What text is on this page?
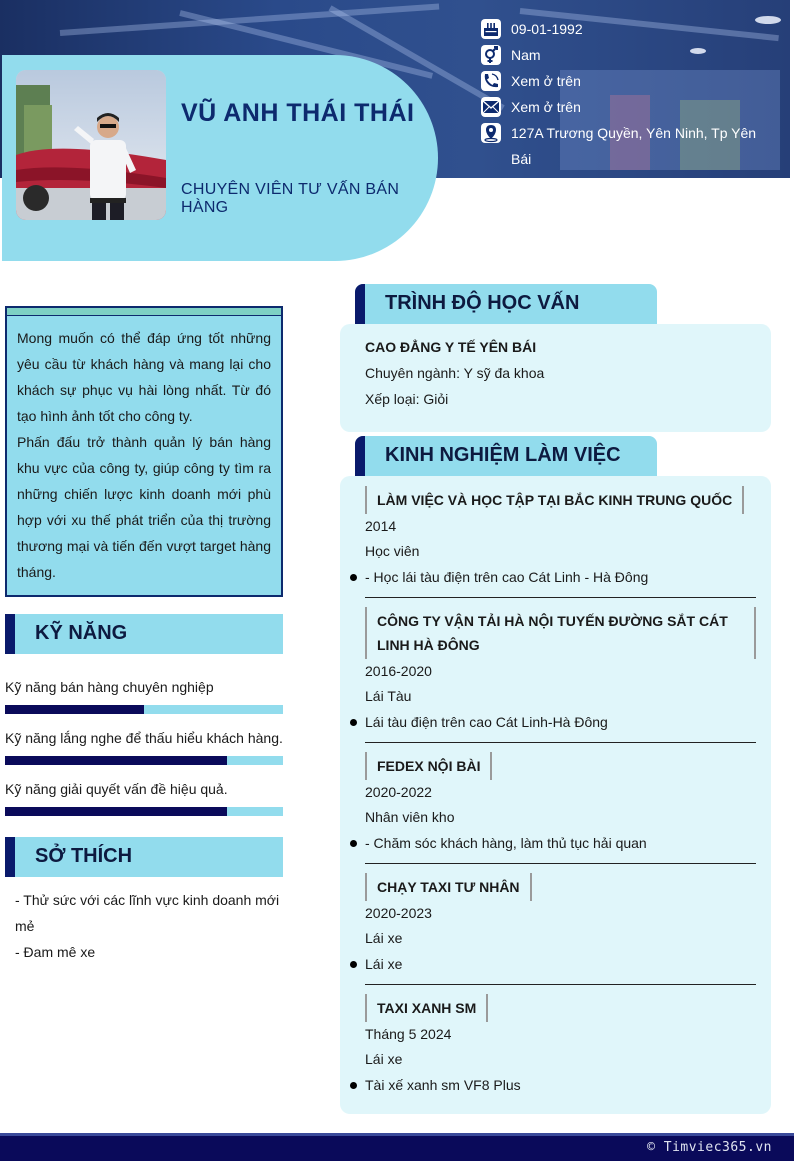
VŨ ANH THÁI THÁI
CHUYÊN VIÊN TƯ VẤN BÁN HÀNG
09-01-1992
Nam
Xem ở trên
Xem ở trên
127A Trương Quyền, Yên Ninh, Tp Yên Bái
Mong muốn có thể đáp ứng tốt những yêu cầu từ khách hàng và mang lại cho khách sự phục vụ hài lòng nhất. Từ đó tạo hình ảnh tốt cho công ty.
Phấn đấu trở thành quản lý bán hàng khu vực của công ty, giúp công ty tìm ra những chiến lược kinh doanh mới phù hợp với xu thế phát triển của thị trường thương mại và tiến đến vượt target hàng tháng.
KỸ NĂNG
Kỹ năng bán hàng chuyên nghiệp
Kỹ năng lắng nghe để thấu hiểu khách hàng.
Kỹ năng giải quyết vấn đề hiệu quả.
SỞ THÍCH
- Thử sức với các lĩnh vực kinh doanh mới mẻ
- Đam mê xe
TRÌNH ĐỘ HỌC VẤN
CAO ĐẲNG Y TẾ YÊN BÁI
Chuyên ngành: Y sỹ đa khoa
Xếp loại: Giỏi
KINH NGHIỆM LÀM VIỆC
LÀM VIỆC VÀ HỌC TẬP TẠI BẮC KINH TRUNG QUỐC
2014
Học viên
- Học lái tàu điện trên cao Cát Linh - Hà Đông
CÔNG TY VẬN TẢI HÀ NỘI TUYẾN ĐƯỜNG SẮT CÁT LINH HÀ ĐÔNG
2016-2020
Lái Tàu
Lái tàu điện trên cao Cát Linh-Hà Đông
FEDEX NỘI BÀI
2020-2022
Nhân viên kho
- Chăm sóc khách hàng, làm thủ tục hải quan
CHẠY TAXI TƯ NHÂN
2020-2023
Lái xe
Lái xe
TAXI XANH SM
Tháng 5 2024
Lái xe
Tài xế xanh sm VF8 Plus
© Timviec365.vn
